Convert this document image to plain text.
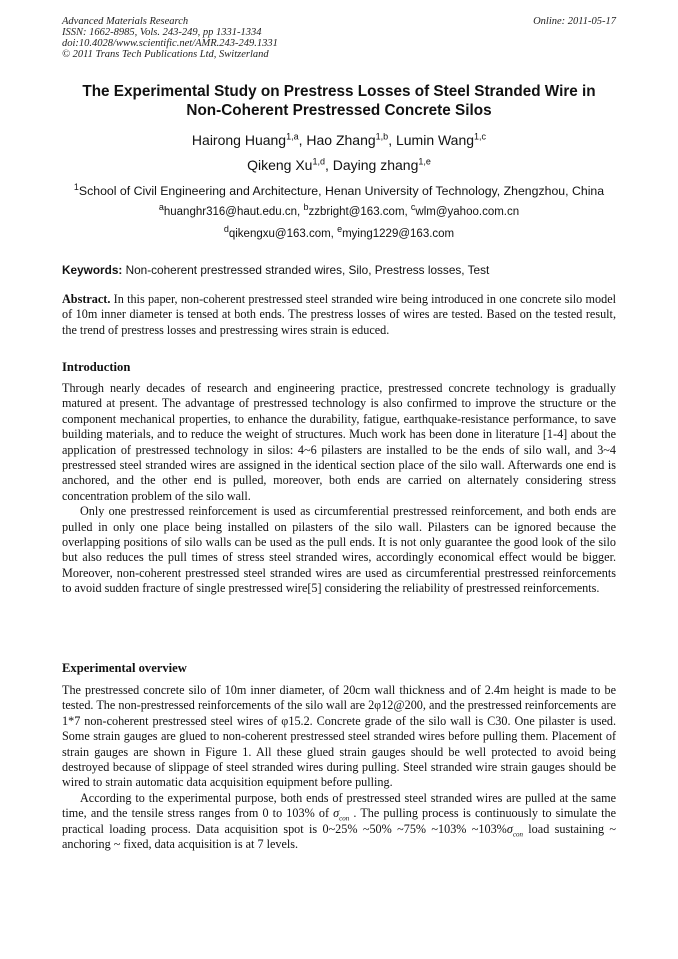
Advanced Materials Research
ISSN: 1662-8985, Vols. 243-249, pp 1331-1334
doi:10.4028/www.scientific.net/AMR.243-249.1331
© 2011 Trans Tech Publications Ltd, Switzerland
Online: 2011-05-17
The Experimental Study on Prestress Losses of Steel Stranded Wire in
Non-Coherent Prestressed Concrete Silos
Hairong Huang$^{1,a}$, Hao Zhang$^{1,b}$, Lumin Wang$^{1,c}$
Qikeng Xu$^{1,d}$, Daying zhang$^{1,e}$
$^1$School of Civil Engineering and Architecture, Henan University of Technology, Zhengzhou, China
$^a$huanghr316@haut.edu.cn, $^b$zzbright@163.com, $^c$wlm@yahoo.com.cn
$^d$qikengxu@163.com, $^e$mying1229@163.com
Keywords: Non-coherent prestressed stranded wires, Silo, Prestress losses, Test

Abstract. In this paper, non-coherent prestressed steel stranded wire being introduced in one concrete silo model of 10m inner diameter is tensed at both ends. The prestress losses of wires are tested. Based on the tested result, the trend of prestress losses and prestressing wires strain is educed.

Introduction

Through nearly decades of research and engineering practice, prestressed concrete technology is gradually matured at present. The advantage of prestressed technology is also confirmed to improve the structure or the component mechanical properties, to enhance the durability, fatigue, earthquake-resistance performance, to save building materials, and to reduce the weight of structures. Much work has been done in literature [1-4] about the application of prestressed technology in silos: 4~6 pilasters are installed to be the ends of silo wall, and 3~4 prestressed steel stranded wires are assigned in the identical section place of the silo wall. Afterwards one end is anchored, and the other end is pulled, moreover, both ends are carried on alternately considering stress concentration problem of the silo wall.

Only one prestressed reinforcement is used as circumferential prestressed reinforcement, and both ends are pulled in only one place being installed on pilasters of the silo wall. Pilasters can be ignored because the overlapping positions of silo walls can be used as the pull ends. It is not only guarantee the good look of the silo but also reduces the pull times of stress steel stranded wires, accordingly economical effect would be bigger. Moreover, non-coherent prestressed steel stranded wires are used as circumferential prestressed reinforcements to avoid sudden fracture of single prestressed wire[5] considering the reliability of prestressed reinforcements.

Experimental overview

The prestressed concrete silo of 10m inner diameter, of 20cm wall thickness and of 2.4m height is made to be tested. The non-prestressed reinforcements of the silo wall are 2φ12@200, and the prestressed reinforcements are 1*7 non-coherent prestressed steel wires of φ15.2. Concrete grade of the silo wall is C30. One pilaster is used. Some strain gauges are glued to non-coherent prestressed steel stranded wires before pulling them. Placement of strain gauges are shown in Figure 1. All these glued strain gauges should be well protected to avoid being destroyed because of slippage of steel stranded wires during pulling. Steel stranded wire strain gauges should be wired to strain automatic data acquisition equipment before pulling.

According to the experimental purpose, both ends of prestressed steel stranded wires are pulled at the same time, and the tensile stress ranges from 0 to 103% of $\sigma_{con}$ . The pulling process is continuously to simulate the practical loading process. Data acquisition spot is 0~25% ~50% ~75% ~103% $\sim 103\%\sigma_{con}$ load sustaining ~ anchoring ~ fixed, data acquisition is at 7 levels.
